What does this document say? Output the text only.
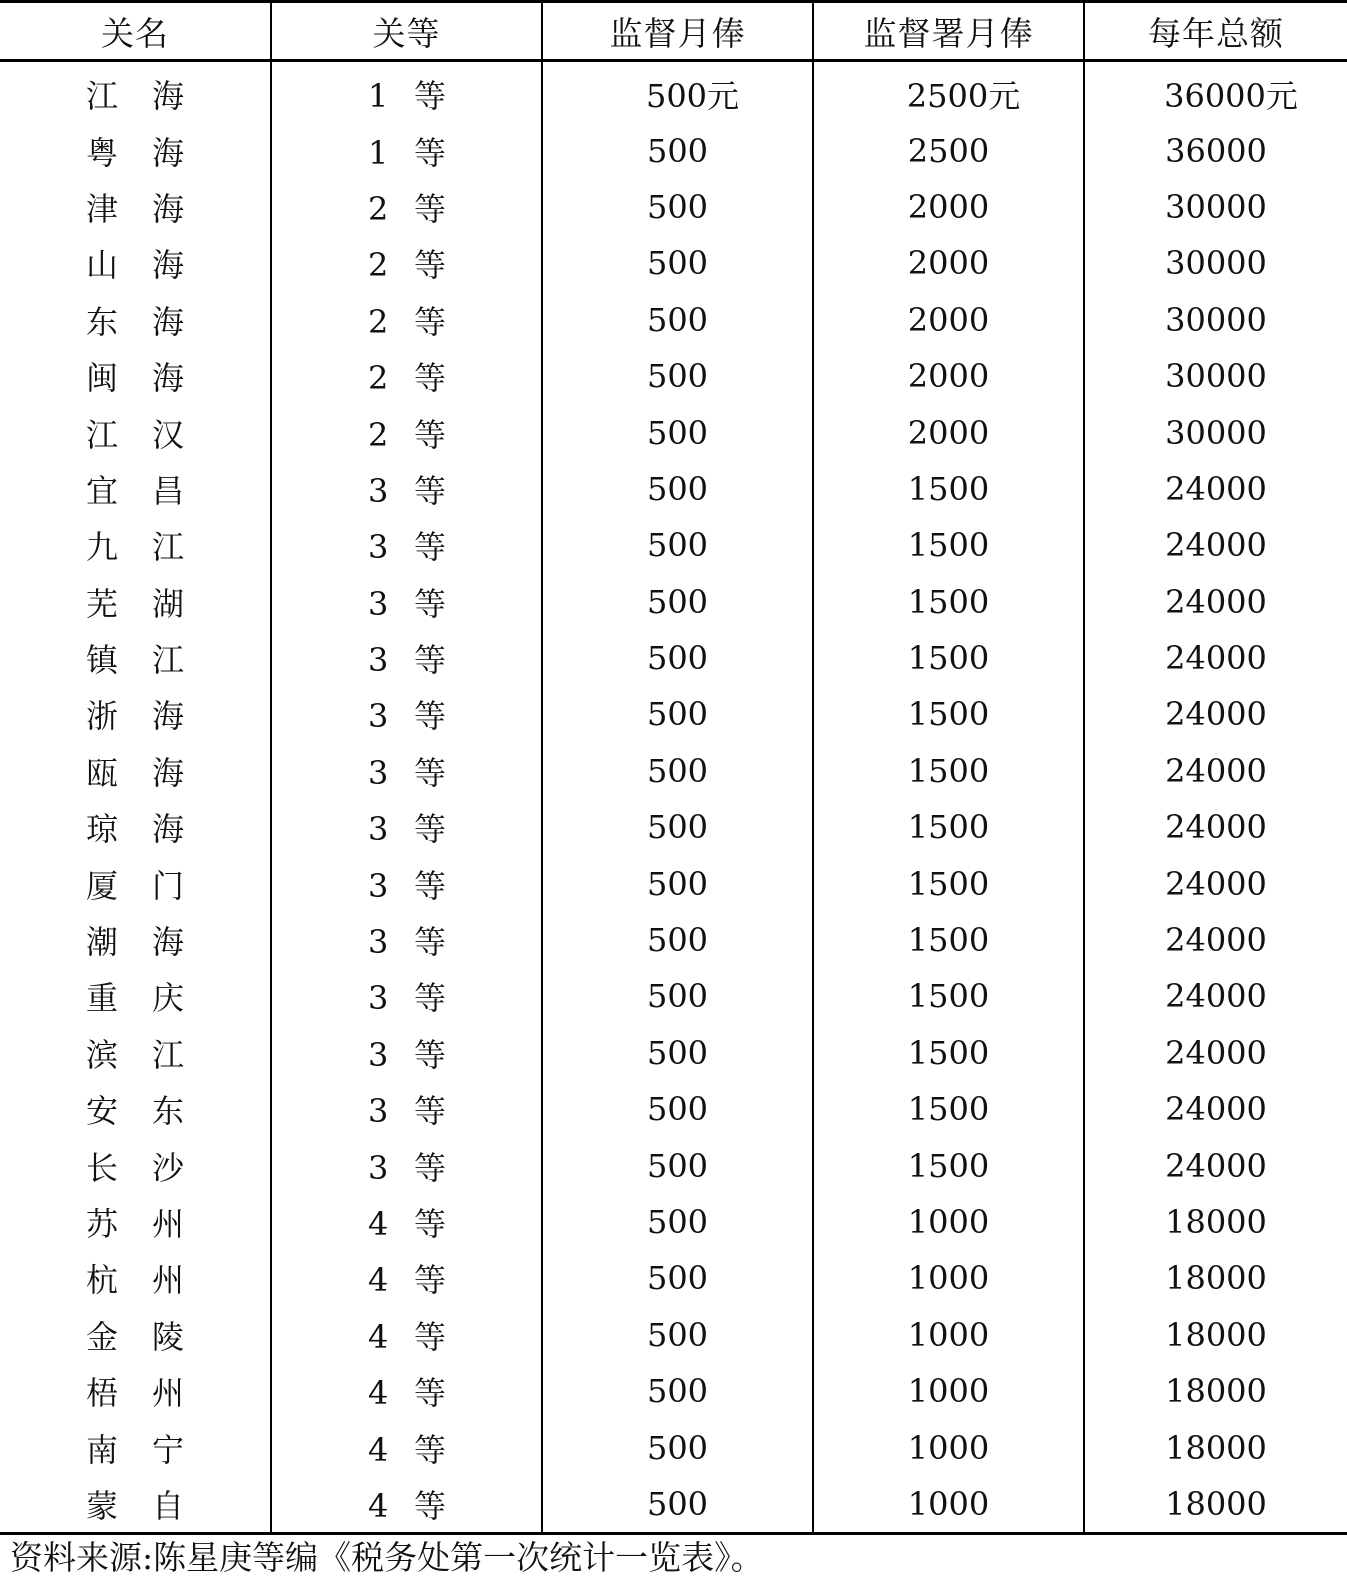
关名	关等	监督月俸	监督署月俸	每年总额
江 海	1 等	500元	2500元	36000元
粤 海	1 等	500	2500	36000
津 海	2 等	500	2000	30000
山 海	2 等	500	2000	30000
东 海	2 等	500	2000	30000
闽 海	2 等	500	2000	30000
江 汉	2 等	500	2000	30000
宜 昌	3 等	500	1500	24000
九 江	3 等	500	1500	24000
芜 湖	3 等	500	1500	24000
镇 江	3 等	500	1500	24000
浙 海	3 等	500	1500	24000
瓯 海	3 等	500	1500	24000
琼 海	3 等	500	1500	24000
厦 门	3 等	500	1500	24000
潮 海	3 等	500	1500	24000
重 庆	3 等	500	1500	24000
滨 江	3 等	500	1500	24000
安 东	3 等	500	1500	24000
长 沙	3 等	500	1500	24000
苏 州	4 等	500	1000	18000
杭 州	4 等	500	1000	18000
金 陵	4 等	500	1000	18000
梧 州	4 等	500	1000	18000
南 宁	4 等	500	1000	18000
蒙 自	4 等	500	1000	18000
资料来源:陈星庚等编《税务处第一次统计一览表》。
